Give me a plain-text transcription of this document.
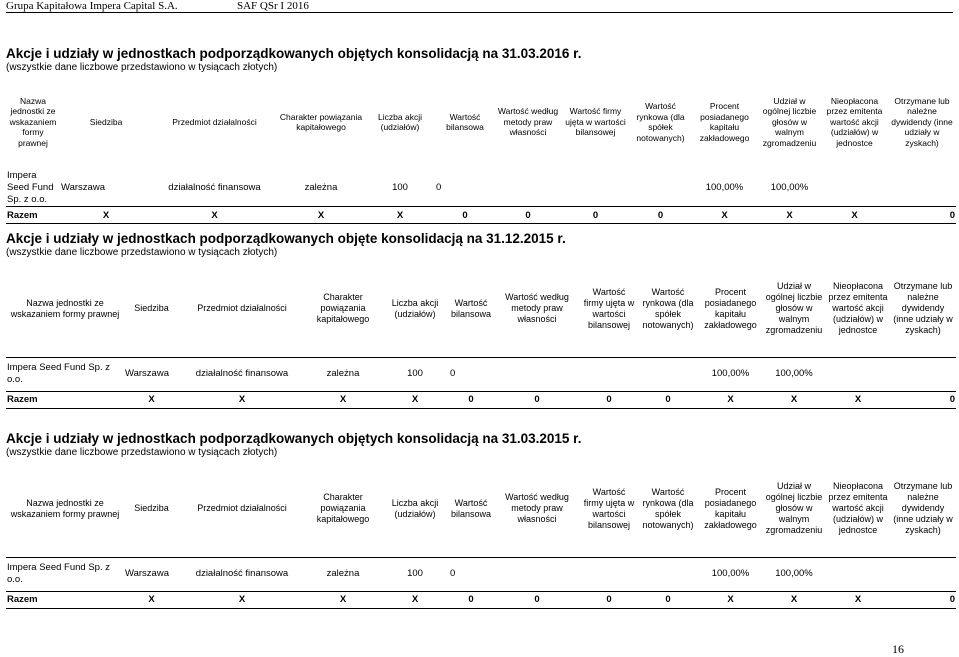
Grupa Kapitałowa Impera Capital S.A.	SAF QSr I 2016
Akcje i udziały w jednostkach podporządkowanych objętych konsolidacją na 31.03.2016 r.
(wszystkie dane liczbowe przedstawiono w tysiącach złotych)
Nazwa jednostki ze wskazaniem formy prawnej	Siedziba	Przedmiot działalności	Charakter powiązania kapitałowego	Liczba akcji (udziałów)	Wartość bilansowa	Wartość według metody praw własności	Wartość firmy ujęta w wartości bilansowej	Wartość rynkowa (dla spółek notowanych)	Procent posiadanego kapitału zakładowego	Udział w ogólnej liczbie głosów w walnym zgromadzeniu	Nieopłacona przez emitenta wartość akcji (udziałów) w jednostce	Otrzymane lub należne dywidendy (inne udziały w zyskach)
Impera Seed Fund Sp. z o.o.	Warszawa	działalność finansowa	zależna	100	0				100,00%	100,00%		
Razem	X	X	X	X	0	0	0	0	X	X	X	0
Akcje i udziały w jednostkach podporządkowanych objęte konsolidacją na 31.12.2015 r.
(wszystkie dane liczbowe przedstawiono w tysiącach złotych)
Nazwa jednostki ze wskazaniem formy prawnej	Siedziba	Przedmiot działalności	Charakter powiązania kapitałowego	Liczba akcji (udziałów)	Wartość bilansowa	Wartość według metody praw własności	Wartość firmy ujęta w wartości bilansowej	Wartość rynkowa (dla spółek notowanych)	Procent posiadanego kapitału zakładowego	Udział w ogólnej liczbie głosów w walnym zgromadzeniu	Nieopłacona przez emitenta wartość akcji (udziałów) w jednostce	Otrzymane lub należne dywidendy (inne udziały w zyskach)
Impera Seed Fund Sp. z o.o.	Warszawa	działalność finansowa	zależna	100	0				100,00%	100,00%		
Razem	X	X	X	X	0	0	0	0	X	X	X	0
Akcje i udziały w jednostkach podporządkowanych objętych konsolidacją na 31.03.2015 r.
(wszystkie dane liczbowe przedstawiono w tysiącach złotych)
Nazwa jednostki ze wskazaniem formy prawnej	Siedziba	Przedmiot działalności	Charakter powiązania kapitałowego	Liczba akcji (udziałów)	Wartość bilansowa	Wartość według metody praw własności	Wartość firmy ujęta w wartości bilansowej	Wartość rynkowa (dla spółek notowanych)	Procent posiadanego kapitału zakładowego	Udział w ogólnej liczbie głosów w walnym zgromadzeniu	Nieopłacona przez emitenta wartość akcji (udziałów) w jednostce	Otrzymane lub należne dywidendy (inne udziały w zyskach)
Impera Seed Fund Sp. z o.o.	Warszawa	działalność finansowa	zależna	100	0				100,00%	100,00%		
Razem	X	X	X	X	0	0	0	0	X	X	X	0
16
